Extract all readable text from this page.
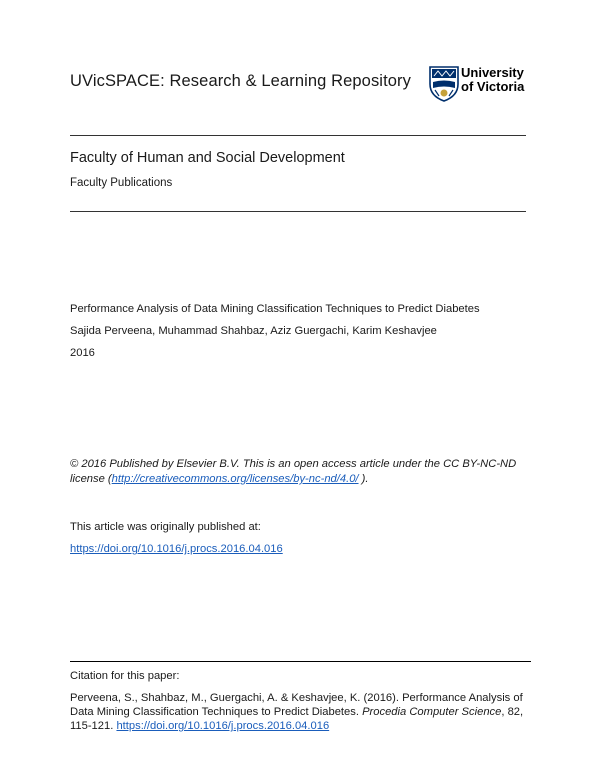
UVicSPACE: Research & Learning Repository	University
of Victoria
Faculty of Human and Social Development
Faculty Publications
Performance Analysis of Data Mining Classification Techniques to Predict Diabetes
Sajida Perveena, Muhammad Shahbaz, Aziz Guergachi, Karim Keshavjee
2016
© 2016 Published by Elsevier B.V. This is an open access article under the CC BY-NC-ND license (http://creativecommons.org/licenses/by-nc-nd/4.0/ ).
This article was originally published at:
https://doi.org/10.1016/j.procs.2016.04.016
Citation for this paper:
Perveena, S., Shahbaz, M., Guergachi, A. & Keshavjee, K. (2016). Performance Analysis of Data Mining Classification Techniques to Predict Diabetes. Procedia Computer Science, 82, 115-121. https://doi.org/10.1016/j.procs.2016.04.016
